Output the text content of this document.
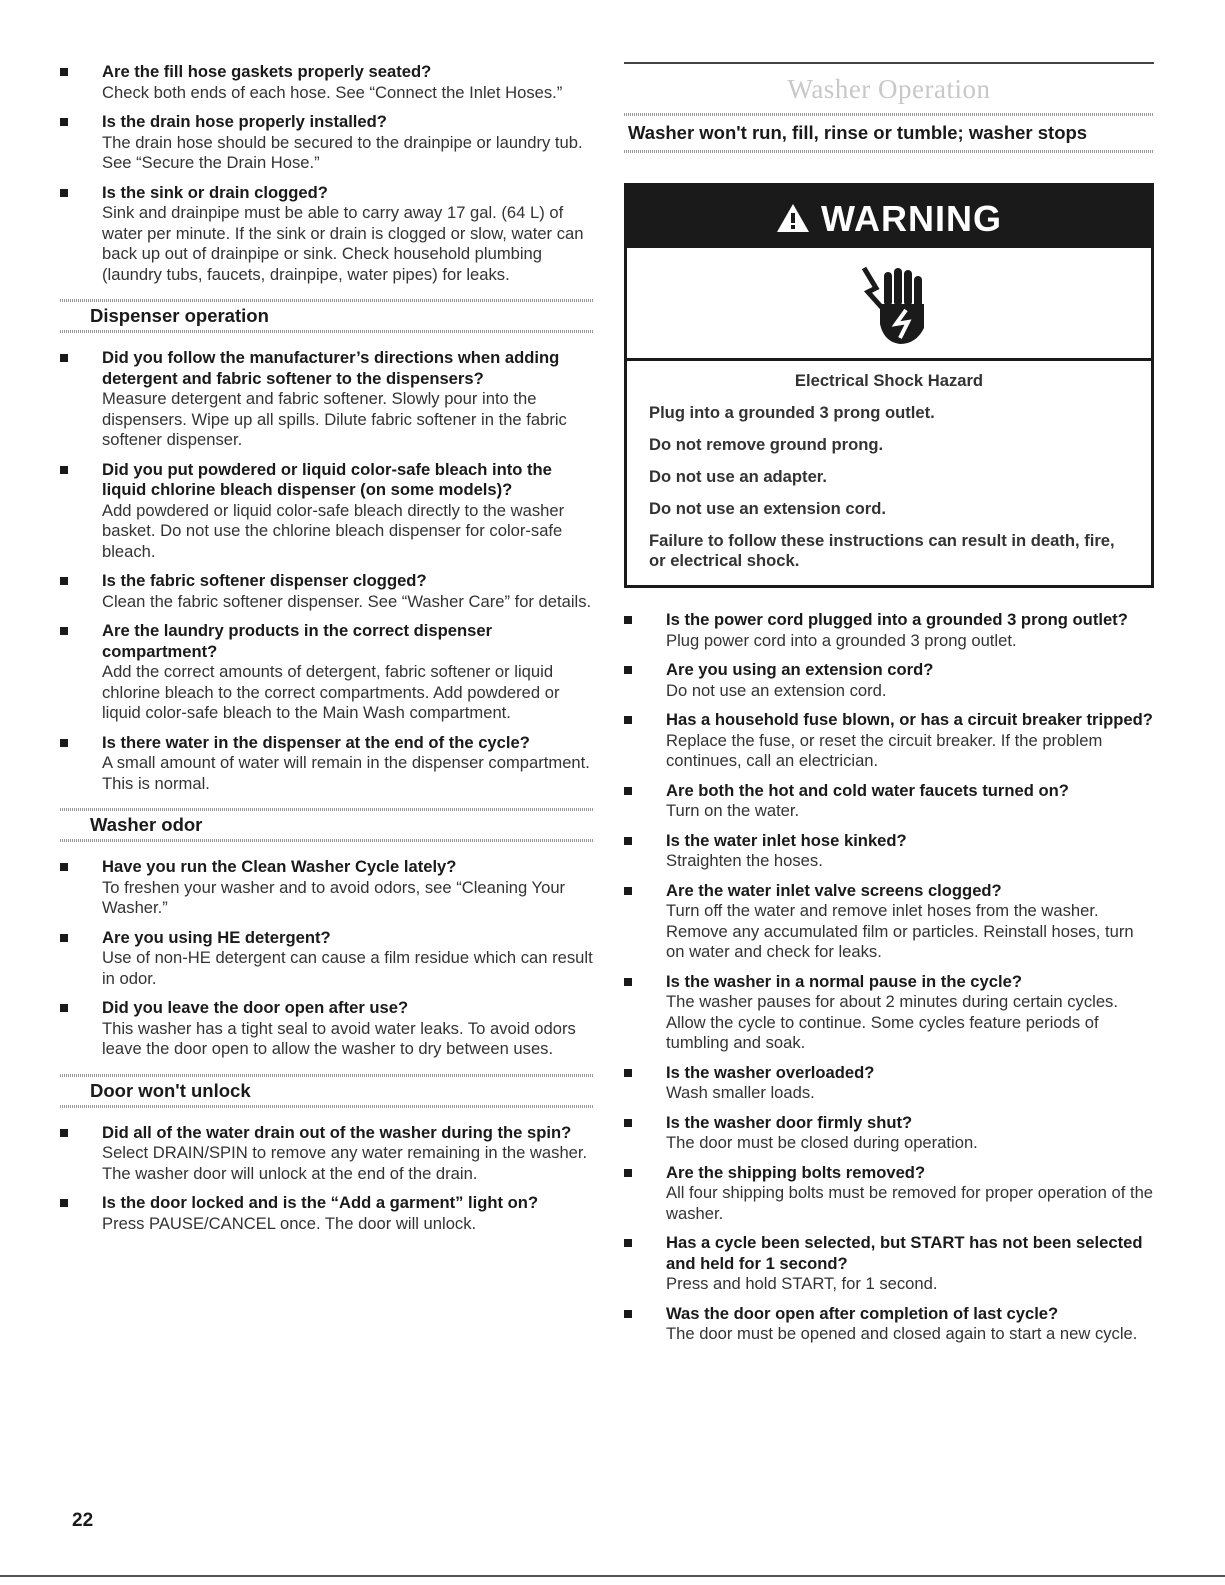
Are the fill hose gaskets properly seated?
Check both ends of each hose. See “Connect the Inlet Hoses.”
Is the drain hose properly installed?
The drain hose should be secured to the drainpipe or laundry tub. See “Secure the Drain Hose.”
Is the sink or drain clogged?
Sink and drainpipe must be able to carry away 17 gal. (64 L) of water per minute. If the sink or drain is clogged or slow, water can back up out of drainpipe or sink. Check household plumbing (laundry tubs, faucets, drainpipe, water pipes) for leaks.
Dispenser operation
Did you follow the manufacturer’s directions when adding detergent and fabric softener to the dispensers?
Measure detergent and fabric softener. Slowly pour into the dispensers. Wipe up all spills. Dilute fabric softener in the fabric softener dispenser.
Did you put powdered or liquid color-safe bleach into the liquid chlorine bleach dispenser (on some models)?
Add powdered or liquid color-safe bleach directly to the washer basket. Do not use the chlorine bleach dispenser for color-safe bleach.
Is the fabric softener dispenser clogged?
Clean the fabric softener dispenser. See “Washer Care” for details.
Are the laundry products in the correct dispenser compartment?
Add the correct amounts of detergent, fabric softener or liquid chlorine bleach to the correct compartments. Add powdered or liquid color-safe bleach to the Main Wash compartment.
Is there water in the dispenser at the end of the cycle?
A small amount of water will remain in the dispenser compartment. This is normal.
Washer odor
Have you run the Clean Washer Cycle lately?
To freshen your washer and to avoid odors, see “Cleaning Your Washer.”
Are you using HE detergent?
Use of non-HE detergent can cause a film residue which can result in odor.
Did you leave the door open after use?
This washer has a tight seal to avoid water leaks. To avoid odors leave the door open to allow the washer to dry between uses.
Door won't unlock
Did all of the water drain out of the washer during the spin?
Select DRAIN/SPIN to remove any water remaining in the washer. The washer door will unlock at the end of the drain.
Is the door locked and is the “Add a garment” light on?
Press PAUSE/CANCEL once. The door will unlock.
Washer Operation
Washer won't run, fill, rinse or tumble; washer stops
WARNING
Electrical Shock Hazard

Plug into a grounded 3 prong outlet.

Do not remove ground prong.

Do not use an adapter.

Do not use an extension cord.

Failure to follow these instructions can result in death, fire, or electrical shock.

Is the power cord plugged into a grounded 3 prong outlet?
Plug power cord into a grounded 3 prong outlet.
Are you using an extension cord?
Do not use an extension cord.
Has a household fuse blown, or has a circuit breaker tripped?
Replace the fuse, or reset the circuit breaker. If the problem continues, call an electrician.
Are both the hot and cold water faucets turned on?
Turn on the water.
Is the water inlet hose kinked?
Straighten the hoses.
Are the water inlet valve screens clogged?
Turn off the water and remove inlet hoses from the washer. Remove any accumulated film or particles. Reinstall hoses, turn on water and check for leaks.
Is the washer in a normal pause in the cycle?
The washer pauses for about 2 minutes during certain cycles. Allow the cycle to continue. Some cycles feature periods of tumbling and soak.
Is the washer overloaded?
Wash smaller loads.
Is the washer door firmly shut?
The door must be closed during operation.
Are the shipping bolts removed?
All four shipping bolts must be removed for proper operation of the washer.
Has a cycle been selected, but START has not been selected and held for 1 second?
Press and hold START, for 1 second.
Was the door open after completion of last cycle?
The door must be opened and closed again to start a new cycle.
22
